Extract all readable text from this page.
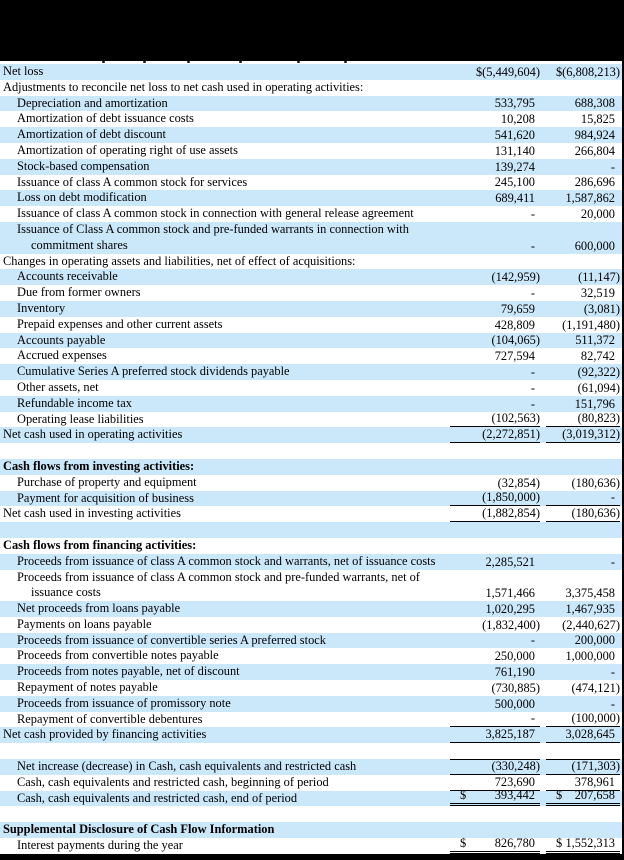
Net loss	$(5,449,604) $(6,808,213)
Adjustments to reconcile net loss to net cash used in operating activities:
Depreciation and amortization	533,795	688,308
Amortization of debt issuance costs	10,208	15,825
Amortization of debt discount	541,620	984,924
Amortization of operating right of use assets	131,140	266,804
Stock-based compensation	139,274	-
Issuance of class A common stock for services	245,100	286,696
Loss on debt modification	689,411	1,587,862
Issuance of class A common stock in connection with general release agreement	-	20,000
Issuance of Class A common stock and pre-funded warrants in connection with
commitment shares	-	600,000
Changes in operating assets and liabilities, net of effect of acquisitions:
Accounts receivable	(142,959)	(11,147)
Due from former owners	-	32,519
Inventory	79,659	(3,081)
Prepaid expenses and other current assets	428,809	(1,191,480)
Accounts payable	(104,065)	511,372
Accrued expenses	727,594	82,742
Cumulative Series A preferred stock dividends payable	-	(92,322)
Other assets, net	-	(61,094)
Refundable income tax	-	151,796
Operating lease liabilities	(102,563)	(80,823)
Net cash used in operating activities	(2,272,851) (3,019,312)
Cash flows from investing activities:
Purchase of property and equipment	(32,854)	(180,636)
Payment for acquisition of business	(1,850,000)	-
Net cash used in investing activities	(1,882,854)	(180,636)
Cash flows from financing activities:
Proceeds from issuance of class A common stock and warrants, net of issuance costs	2,285,521	-
Proceeds from issuance of class A common stock and pre-funded warrants, net of
issuance costs	1,571,466	3,375,458
Net proceeds from loans payable	1,020,295	1,467,935
Payments on loans payable	(1,832,400) (2,440,627)
Proceeds from issuance of convertible series A preferred stock	-	200,000
Proceeds from convertible notes payable	250,000	1,000,000
Proceeds from notes payable, net of discount	761,190	-
Repayment of notes payable	(730,885)	(474,121)
Proceeds from issuance of promissory note	500,000	-
Repayment of convertible debentures	-	(100,000)
Net cash provided by financing activities	3,825,187	3,028,645
Net increase (decrease) in Cash, cash equivalents and restricted cash	(330,248)	(171,303)
Cash, cash equivalents and restricted cash, beginning of period	723,690	378,961
Cash, cash equivalents and restricted cash, end of period	$ 393,442	$ 207,658
Supplemental Disclosure of Cash Flow Information
Interest payments during the year	$ 826,780	$ 1,552,313
